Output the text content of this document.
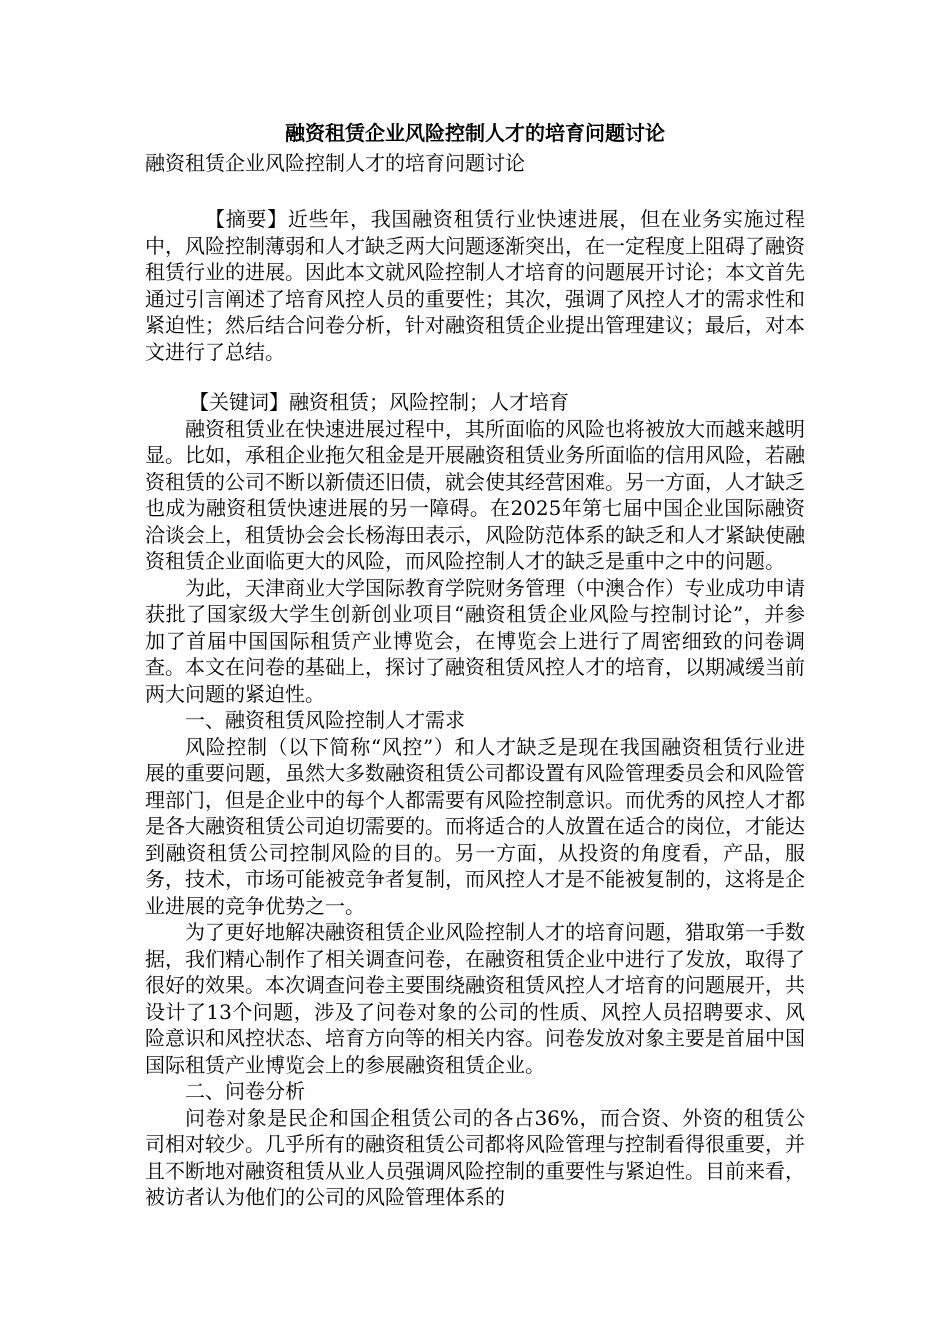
融资租赁企业风险控制人才的培育问题讨论

融资租赁企业风险控制人才的培育问题讨论

【摘要】近些年，我国融资租赁行业快速进展，但在业务实施过程中，风险控制薄弱和人才缺乏两大问题逐渐突出，在一定程度上阻碍了融资租赁行业的进展。因此本文就风险控制人才培育的问题展开讨论；本文首先通过引言阐述了培育风控人员的重要性；其次，强调了风控人才的需求性和紧迫性；然后结合问卷分析，针对融资租赁企业提出管理建议；最后，对本文进行了总结。

【关键词】融资租赁；风险控制；人才培育

融资租赁业在快速进展过程中，其所面临的风险也将被放大而越来越明显。比如，承租企业拖欠租金是开展融资租赁业务所面临的信用风险，若融资租赁的公司不断以新债还旧债，就会使其经营困难。另一方面，人才缺乏也成为融资租赁快速进展的另一障碍。在2025年第七届中国企业国际融资洽谈会上，租赁协会会长杨海田表示，风险防范体系的缺乏和人才紧缺使融资租赁企业面临更大的风险，而风险控制人才的缺乏是重中之中的问题。

为此，天津商业大学国际教育学院财务管理（中澳合作）专业成功申请获批了国家级大学生创新创业项目“融资租赁企业风险与控制讨论”，并参加了首届中国国际租赁产业博览会，在博览会上进行了周密细致的问卷调查。本文在问卷的基础上，探讨了融资租赁风控人才的培育，以期减缓当前两大问题的紧迫性。

一、融资租赁风险控制人才需求

风险控制（以下简称“风控”）和人才缺乏是现在我国融资租赁行业进展的重要问题，虽然大多数融资租赁公司都设置有风险管理委员会和风险管理部门，但是企业中的每个人都需要有风险控制意识。而优秀的风控人才都是各大融资租赁公司迫切需要的。而将适合的人放置在适合的岗位，才能达到融资租赁公司控制风险的目的。另一方面，从投资的角度看，产品，服务，技术，市场可能被竞争者复制，而风控人才是不能被复制的，这将是企业进展的竞争优势之一。

为了更好地解决融资租赁企业风险控制人才的培育问题，猎取第一手数据，我们精心制作了相关调查问卷，在融资租赁企业中进行了发放，取得了很好的效果。本次调查问卷主要围绕融资租赁风控人才培育的问题展开，共设计了13个问题，涉及了问卷对象的公司的性质、风控人员招聘要求、风险意识和风控状态、培育方向等的相关内容。问卷发放对象主要是首届中国国际租赁产业博览会上的参展融资租赁企业。

二、问卷分析

问卷对象是民企和国企租赁公司的各占36%，而合资、外资的租赁公司相对较少。几乎所有的融资租赁公司都将风险管理与控制看得很重要，并且不断地对融资租赁从业人员强调风险控制的重要性与紧迫性。目前来看，被访者认为他们的公司的风险管理体系的
